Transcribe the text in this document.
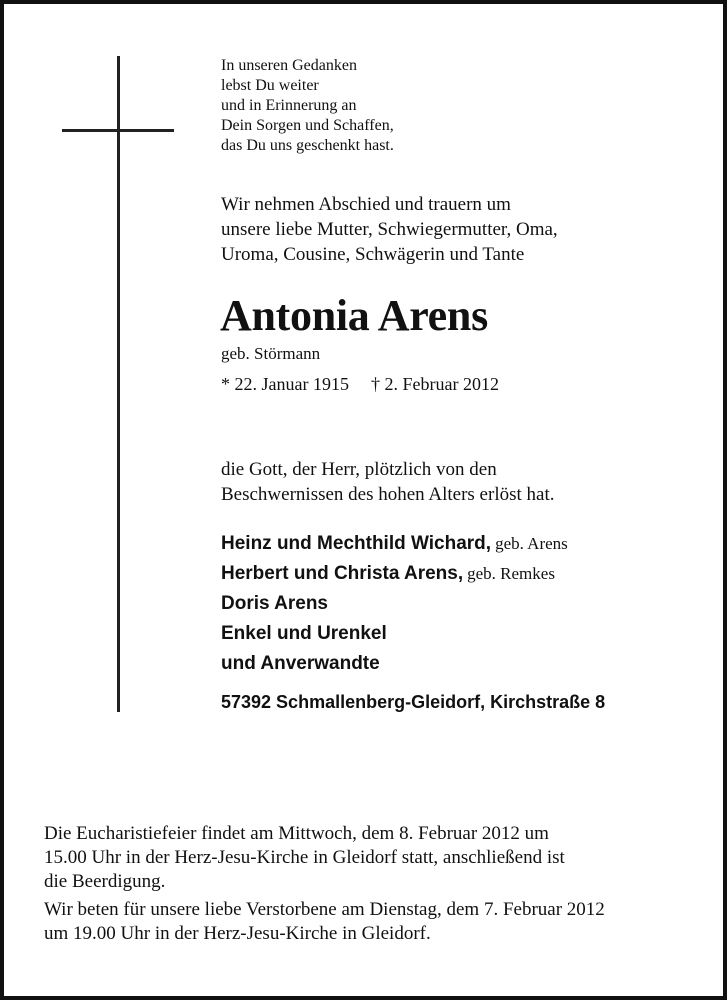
In unseren Gedanken
lebst Du weiter
und in Erinnerung an
Dein Sorgen und Schaffen,
das Du uns geschenkt hast.
Wir nehmen Abschied und trauern um
unsere liebe Mutter, Schwiegermutter, Oma,
Uroma, Cousine, Schwägerin und Tante
Antonia Arens
geb. Störmann
* 22. Januar 1915 † 2. Februar 2012
die Gott, der Herr, plötzlich von den
Beschwernissen des hohen Alters erlöst hat.
Heinz und Mechthild Wichard, geb. Arens
Herbert und Christa Arens, geb. Remkes
Doris Arens
Enkel und Urenkel
und Anverwandte
57392 Schmallenberg-Gleidorf, Kirchstraße 8

Die Eucharistiefeier findet am Mittwoch, dem 8. Februar 2012 um
15.00 Uhr in der Herz-Jesu-Kirche in Gleidorf statt, anschließend ist
die Beerdigung.

Wir beten für unsere liebe Verstorbene am Dienstag, dem 7. Februar 2012
um 19.00 Uhr in der Herz-Jesu-Kirche in Gleidorf.
